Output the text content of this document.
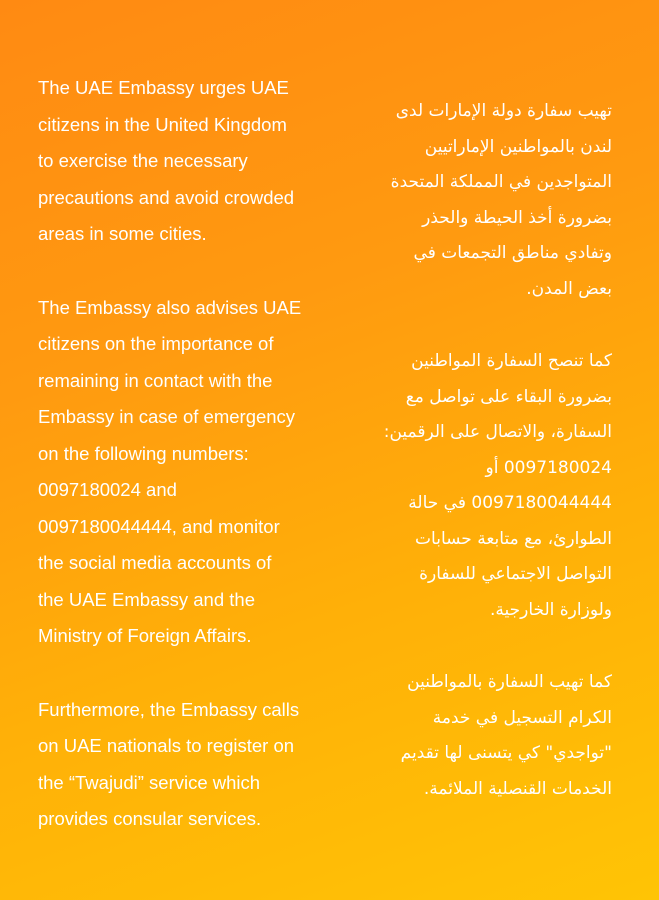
The UAE Embassy urges UAE
citizens in the United Kingdom
to exercise the necessary
precautions and avoid crowded
areas in some cities.

The Embassy also advises UAE
citizens on the importance of
remaining in contact with the
Embassy in case of emergency
on the following numbers:
0097180024 and
0097180044444, and monitor
the social media accounts of
the UAE Embassy and the
Ministry of Foreign Affairs.

Furthermore, the Embassy calls
on UAE nationals to register on
the “Twajudi” service which
provides consular services.

تهيب سفارة دولة الإمارات لدى
لندن بالمواطنين الإماراتيين
المتواجدين في المملكة المتحدة
بضرورة أخذ الحيطة والحذر
وتفادي مناطق التجمعات في
بعض المدن.

كما تنصح السفارة المواطنين
بضرورة البقاء على تواصل مع
السفارة، والاتصال على الرقمين:
0097180024 أو
0097180044444 في حالة
الطوارئ، مع متابعة حسابات
التواصل الاجتماعي للسفارة
ولوزارة الخارجية.

كما تهيب السفارة بالمواطنين
الكرام التسجيل في خدمة
"تواجدي" كي يتسنى لها تقديم
الخدمات القنصلية الملائمة.
